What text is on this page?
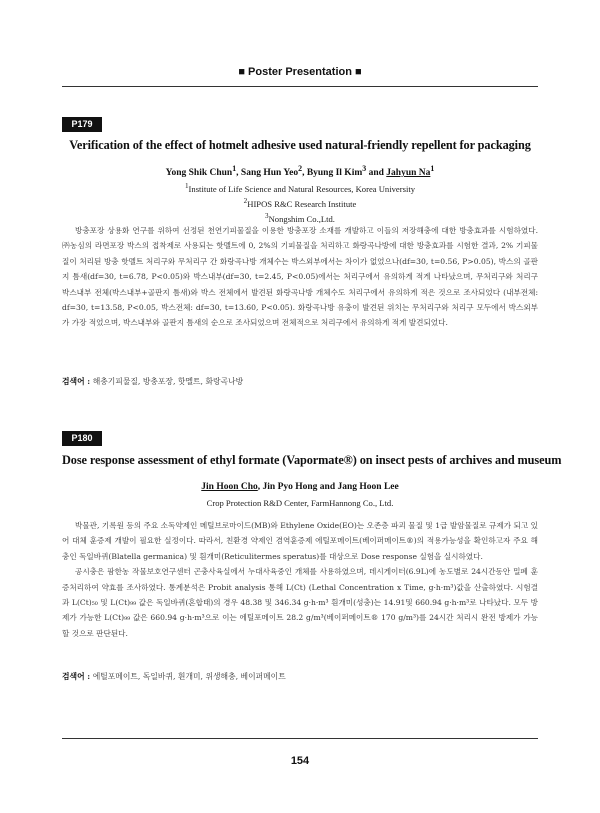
■ Poster Presentation ■
P179
Verification of the effect of hotmelt adhesive used natural-friendly repellent for packaging
Yong Shik Chun$^1$, Sang Hun Yeo$^2$, Byung Il Kim$^3$ and Jahyun Na$^1$
$^1$Institute of Life Science and Natural Resources, Korea University
$^2$HIPOS R&C Research Institute
$^3$Nongshim Co.,Ltd.

방충포장 상용화 연구를 위하여 선정된 천연기피물질을 이용한 방충포장 소재를 개발하고 이들의 저장해충에 대한 방충효과를 시험하였다. ㈜농심의 라면포장 박스의 접착제로 사용되는 핫멜트에 0, 2%의 기피물질을 처리하고 화랑곡나방에 대한 방충효과를 시험한 결과, 2% 기피물질이 처리된 방충 핫멜트 처리구와 무처리구 간 화랑곡나방 개체수는 박스외부에서는 차이가 없었으나(df=30, t=0.56, P>0.05), 박스의 골판지 틈새(df=30, t=6.78, P<0.05)와 박스내부(df=30, t=2.45, P<0.05)에서는 처리구에서 유의하게 적게 나타났으며, 무처리구와 처리구 박스내부 전체(박스내부+골판지 틈새)와 박스 전체에서 발견된 화랑곡나방 개체수도 처리구에서 유의하게 적은 것으로 조사되었다 (내부전체: df=30, t=13.58, P<0.05, 박스전체: df=30, t=13.60, P<0.05). 화랑곡나방 유충이 발견된 위치는 무처리구와 처리구 모두에서 박스외부가 가장 적었으며, 박스내부와 골판지 틈새의 순으로 조사되었으며 전체적으로 처리구에서 유의하게 적게 발견되었다.

검색어 : 해충기피물질, 방충포장, 핫멜트, 화랑곡나방
P180
Dose response assessment of ethyl formate (Vapormate®) on insect pests of archives and museum
Jin Hoon Cho, Jin Pyo Hong and Jang Hoon Lee
Crop Protection R&D Center, FarmHannong Co., Ltd.

박물관, 기록원 등의 주요 소독약제인 메틸브로마이드(MB)와 Ethylene Oxide(EO)는 오존층 파괴 물질 및 1급 발암물질로 규제가 되고 있어 대체 훈증제 개발이 필요한 실정이다. 따라서, 친환경 약제인 겸역훈증제 에틸포메이트(베이퍼메이트®)의 적용가능성을 확인하고자 주요 해충인 독일바퀴(Blatella germanica) 및 흰개미(Reticulitermes speratus)를 대상으로 Dose response 실험을 실시하였다.

공시충은 팜한농 작물보호연구센터 곤충사육실에서 누대사육중인 개체를 사용하였으며, 데시게이터(6.9L)에 농도별로 24시간동안 밀폐 훈증처리하여 약효를 조사하였다. 통계분석은 Probit analysis 통해 L(Ct) (Lethal Concentration x Time, g·h·m³)값을 산출하였다. 시험결과 L(Ct)₅₀ 및 L(Ct)₉₉ 값은 독일바퀴(혼합태)의 경우 48.38 및 346.34 g·h·m³ 흰개미(성충)는 14.91및 660.94 g·h·m³로 나타났다. 모두 방제가 가능한 L(Ct)₉₉ 값은 660.94 g·h·m³으로 이는 에틸포메이트 28.2 g/m³(베이퍼메이트® 170 g/m³)를 24시간 처리시 완전 방제가 가능할 것으로 판단된다.

검색어 : 에틸포메이트, 독일바퀴, 흰개미, 위생해충, 베이퍼메이트
154
